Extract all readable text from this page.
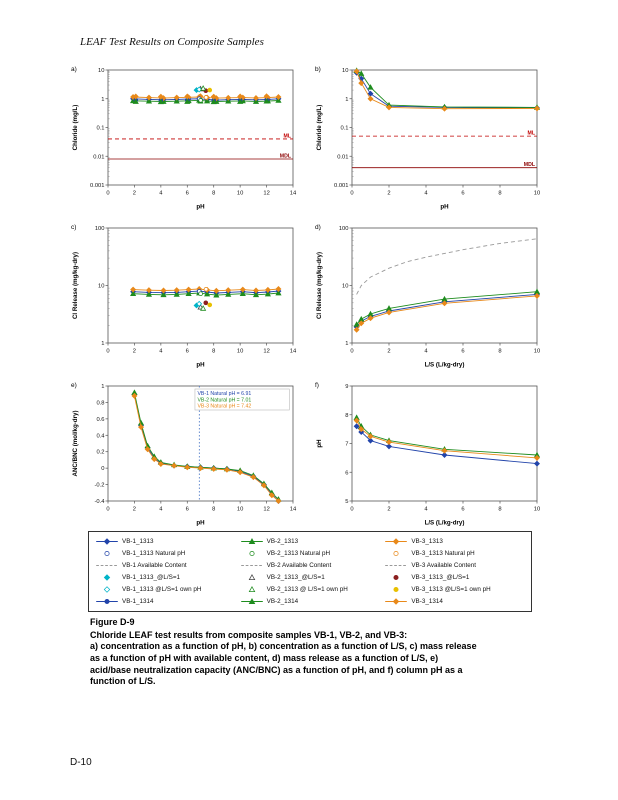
LEAF Test Results on Composite Samples
0	2	4	6	8	10	12	14
0.001
0.01
0.1
1
10
pH
Chloride (mg/L)
a)
ML
MDL
0	2	4	6	8	10
0.001
0.01
0.1
1
10
pH
Chloride (mg/L)
b)
ML
MDL
0	2	4	6	8	10	12	14
1
10
100
pH
Cl Release (mg/kg-dry)
c)
0	2	4	6	8	10
1
10
100
L/S (L/kg-dry)
Cl Release (mg/kg-dry)
d)
0	2	4	6	8	10	12	14
-0.4
-0.2
0
0.2
0.4
0.6
0.8
1
pH
ANC/BNC (mol/kg-dry)
e)
VB-1 Natural pH = 6.91
VB-2 Natural pH = 7.01
VB-3 Natural pH = 7.42
0	2	4	6	8	10
5
6
7
8
9
L/S (L/kg-dry)
pH
f)
VB-1_1313	VB-2_1313	VB-3_1313
VB-1_1313 Natural pH	VB-2_1313 Natural pH	VB-3_1313 Natural pH
VB-1 Available Content	VB-2 Available Content	VB-3 Available Content
VB-1_1313_@L/S=1	VB-2_1313_@L/S=1	VB-3_1313_@L/S=1
VB-1_1313 @L/S=1 own pH	VB-2_1313 @ L/S=1 own pH	VB-3_1313 @L/S=1 own pH
VB-1_1314	VB-2_1314	VB-3_1314
Figure D-9
Chloride LEAF test results from composite samples VB-1, VB-2, and VB-3:
a) concentration as a function of pH, b) concentration as a function of L/S, c) mass release
as a function of pH with available content, d) mass release as a function of L/S, e)
acid/base neutralization capacity (ANC/BNC) as a function of pH, and f) column pH as a
function of L/S.
D-10
